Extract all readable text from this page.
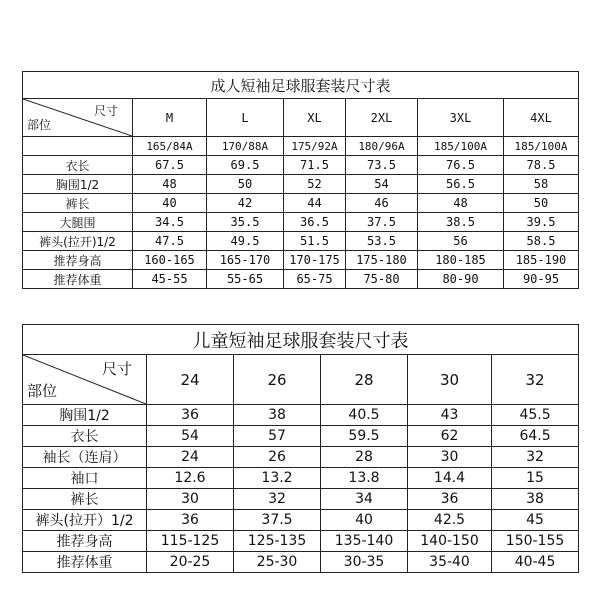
成人短袖足球服套装尺寸表						

尺寸
部位	M	L	XL	2XL	3XL	4XL
	165/84A	170/88A	175/92A	180/96A	185/100A	185/100A
衣长	67.5	69.5	71.5	73.5	76.5	78.5
胸围1/2	48	50	52	54	56.5	58
裤长	40	42	44	46	48	50
大腿围	34.5	35.5	36.5	37.5	38.5	39.5
裤头(拉开)1/2	47.5	49.5	51.5	53.5	56	58.5
推荐身高	160-165	165-170	170-175	175-180	180-185	185-190
推荐体重	45-55	55-65	65-75	75-80	80-90	90-95
儿童短袖足球服套装尺寸表					

尺寸
部位	24	26	28	30	32
胸围1/2	36	38	40.5	43	45.5
衣长	54	57	59.5	62	64.5
袖长（连肩）	24	26	28	30	32
袖口	12.6	13.2	13.8	14.4	15
裤长	30	32	34	36	38
裤头(拉开）1/2	36	37.5	40	42.5	45
推荐身高	115-125	125-135	135-140	140-150	150-155
推荐体重	20-25	25-30	30-35	35-40	40-45
